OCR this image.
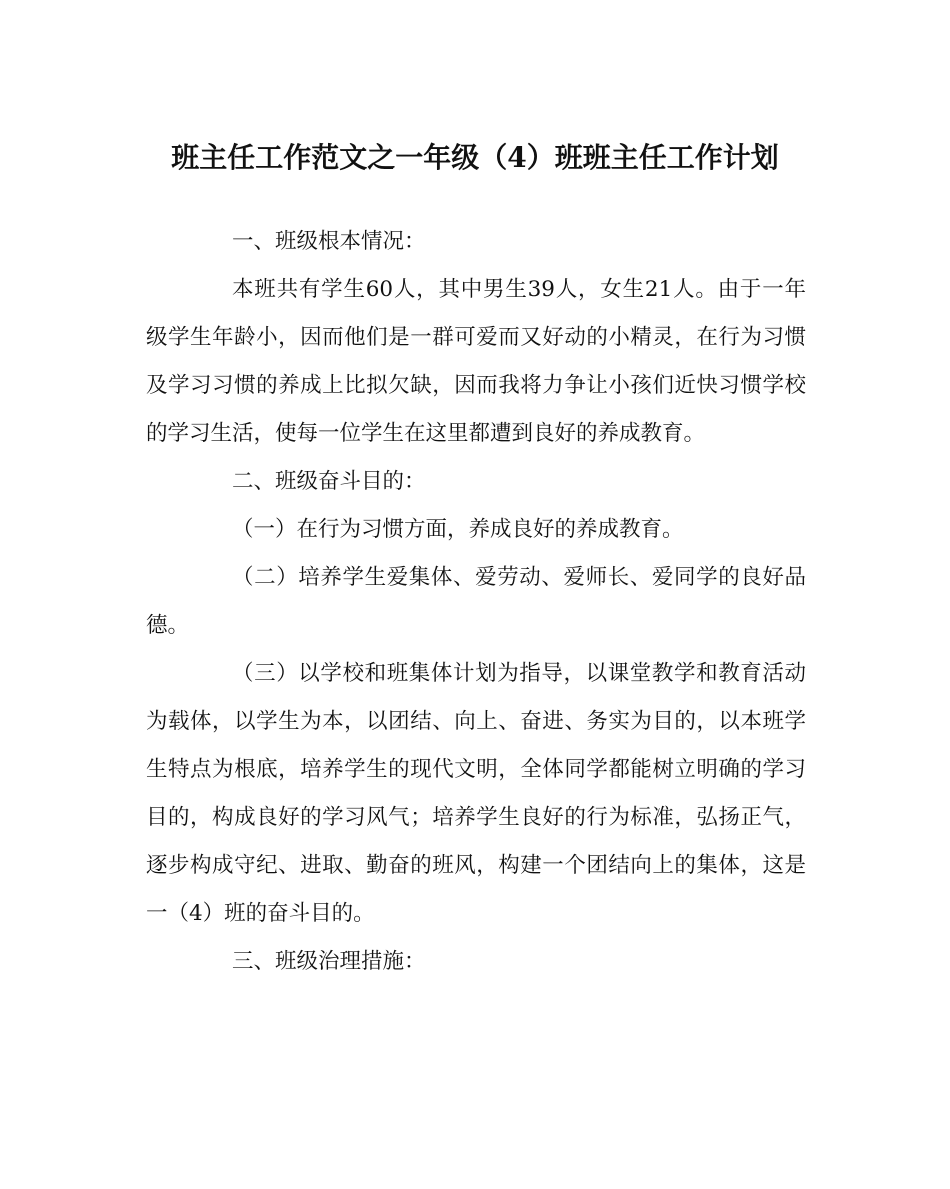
班主任工作范文之一年级（4）班班主任工作计划

一、班级根本情况：

本班共有学生60人，其中男生39人，女生21人。由于一年级学生年龄小，因而他们是一群可爱而又好动的小精灵，在行为习惯及学习习惯的养成上比拟欠缺，因而我将力争让小孩们近快习惯学校的学习生活，使每一位学生在这里都遭到良好的养成教育。

二、班级奋斗目的：

（一）在行为习惯方面，养成良好的养成教育。

（二）培养学生爱集体、爱劳动、爱师长、爱同学的良好品德。

（三）以学校和班集体计划为指导，以课堂教学和教育活动为载体，以学生为本，以团结、向上、奋进、务实为目的，以本班学生特点为根底，培养学生的现代文明，全体同学都能树立明确的学习目的，构成良好的学习风气；培养学生良好的行为标准，弘扬正气，逐步构成守纪、进取、勤奋的班风，构建一个团结向上的集体，这是一（4）班的奋斗目的。

三、班级治理措施：
